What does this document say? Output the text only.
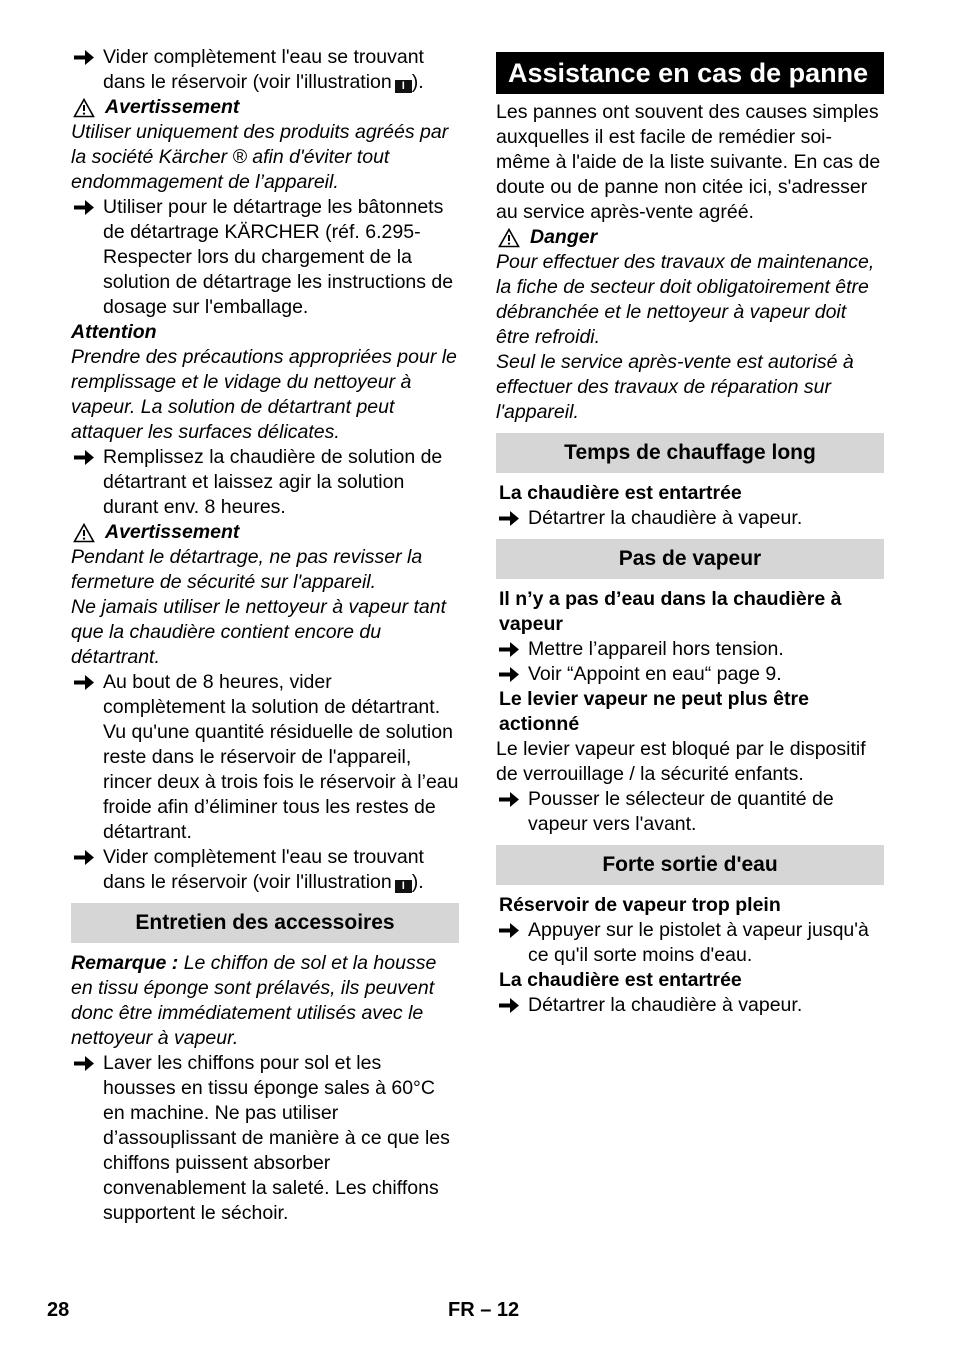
Vider complètement l'eau se trouvant dans le réservoir (voir l'illustration I ).

Avertissement

Utiliser uniquement des produits agréés par la société Kärcher ® afin d'éviter tout endommagement de l’appareil.

Utiliser pour le détartrage les bâtonnets de détartrage KÄRCHER (réf. 6.295-
Respecter lors du chargement de la solution de détartrage les instructions de dosage sur l'emballage.

Attention

Prendre des précautions appropriées pour le remplissage et le vidage du nettoyeur à vapeur. La solution de détartrant peut attaquer les surfaces délicates.

Remplissez la chaudière de solution de détartrant et laissez agir la solution durant env. 8 heures.

Avertissement

Pendant le détartrage, ne pas revisser la fermeture de sécurité sur l'appareil.

Ne jamais utiliser le nettoyeur à vapeur tant que la chaudière contient encore du détartrant.

Au bout de 8 heures, vider complètement la solution de détartrant. Vu qu'une quantité résiduelle de solution reste dans le réservoir de l'appareil, rincer deux à trois fois le réservoir à l’eau froide afin d’éliminer tous les restes de détartrant.

Vider complètement l'eau se trouvant dans le réservoir (voir l'illustration I ).

Entretien des accessoires

Remarque : Le chiffon de sol et la housse en tissu éponge sont prélavés, ils peuvent donc être immédiatement utilisés avec le nettoyeur à vapeur.

Laver les chiffons pour sol et les housses en tissu éponge sales à 60°C en machine. Ne pas utiliser d’assouplissant de manière à ce que les chiffons puissent absorber convenablement la saleté. Les chiffons supportent le séchoir.

Assistance en cas de panne

Les pannes ont souvent des causes simples auxquelles il est facile de remédier soi-même à l'aide de la liste suivante. En cas de doute ou de panne non citée ici, s'adresser au service après-vente agréé.

Danger

Pour effectuer des travaux de maintenance, la fiche de secteur doit obligatoirement être débranchée et le nettoyeur à vapeur doit être refroidi.

Seul le service après-vente est autorisé à effectuer des travaux de réparation sur l'appareil.

Temps de chauffage long

La chaudière est entartrée

Détartrer la chaudière à vapeur.

Pas de vapeur

Il n’y a pas d’eau dans la chaudière à vapeur

Mettre l’appareil hors tension.

Voir “Appoint en eau“ page 9.

Le levier vapeur ne peut plus être actionné

Le levier vapeur est bloqué par le dispositif de verrouillage / la sécurité enfants.

Pousser le sélecteur de quantité de vapeur vers l'avant.

Forte sortie d'eau

Réservoir de vapeur trop plein

Appuyer sur le pistolet à vapeur jusqu'à ce qu'il sorte moins d'eau.

La chaudière est entartrée

Détartrer la chaudière à vapeur.

28	FR – 12
